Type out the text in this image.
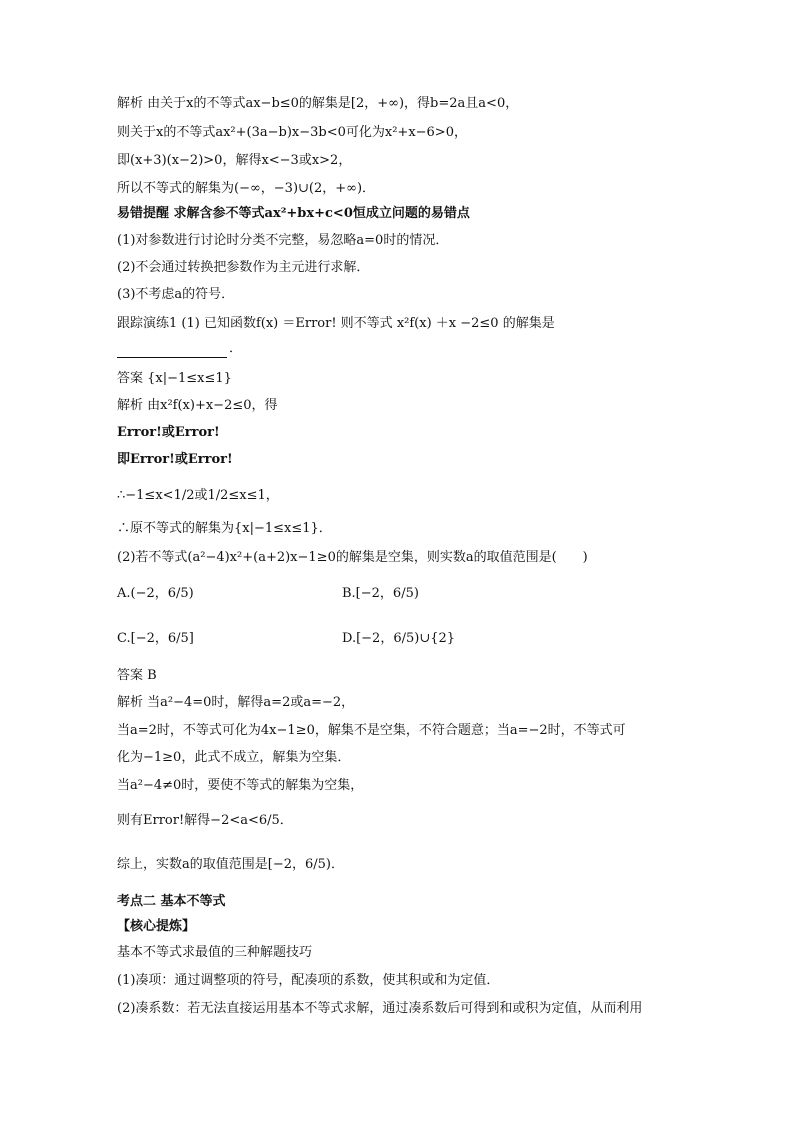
解析 由关于x的不等式ax−b≤0的解集是[2，+∞)，得b=2a且a<0，
则关于x的不等式ax²+(3a−b)x−3b<0可化为x²+x−6>0，
即(x+3)(x−2)>0，解得x<−3或x>2，
所以不等式的解集为(−∞，−3)∪(2，+∞)．
易错提醒 求解含参不等式ax²+bx+c<0恒成立问题的易错点
(1)对参数进行讨论时分类不完整，易忽略a=0时的情况．
(2)不会通过转换把参数作为主元进行求解．
(3)不考虑a的符号．
跟踪演练1 (1) 已知函数f(x) ＝Error! 则不等式 x²f(x) ＋x −2≤0 的解集是
．
答案 {x|−1≤x≤1}
解析 由x²f(x)+x−2≤0，得
Error!或Error!
即Error!或Error!
∴−1≤x<1/2或1/2≤x≤1，
∴原不等式的解集为{x|−1≤x≤1}．
(2)若不等式(a²−4)x²+(a+2)x−1≥0的解集是空集，则实数a的取值范围是(　　)
A.(−2，6/5)	B.[−2，6/5)
C.[−2，6/5]	D.[−2，6/5)∪{2}
答案 B
解析 当a²−4=0时，解得a=2或a=−2，
当a=2时，不等式可化为4x−1≥0，解集不是空集，不符合题意；当a=−2时，不等式可
化为−1≥0，此式不成立，解集为空集．
当a²−4≠0时，要使不等式的解集为空集，
则有Error!解得−2<a<6/5．
综上，实数a的取值范围是[−2，6/5)．
考点二 基本不等式
【核心提炼】
基本不等式求最值的三种解题技巧
(1)凑项：通过调整项的符号，配凑项的系数，使其积或和为定值．
(2)凑系数：若无法直接运用基本不等式求解，通过凑系数后可得到和或积为定值，从而利用
